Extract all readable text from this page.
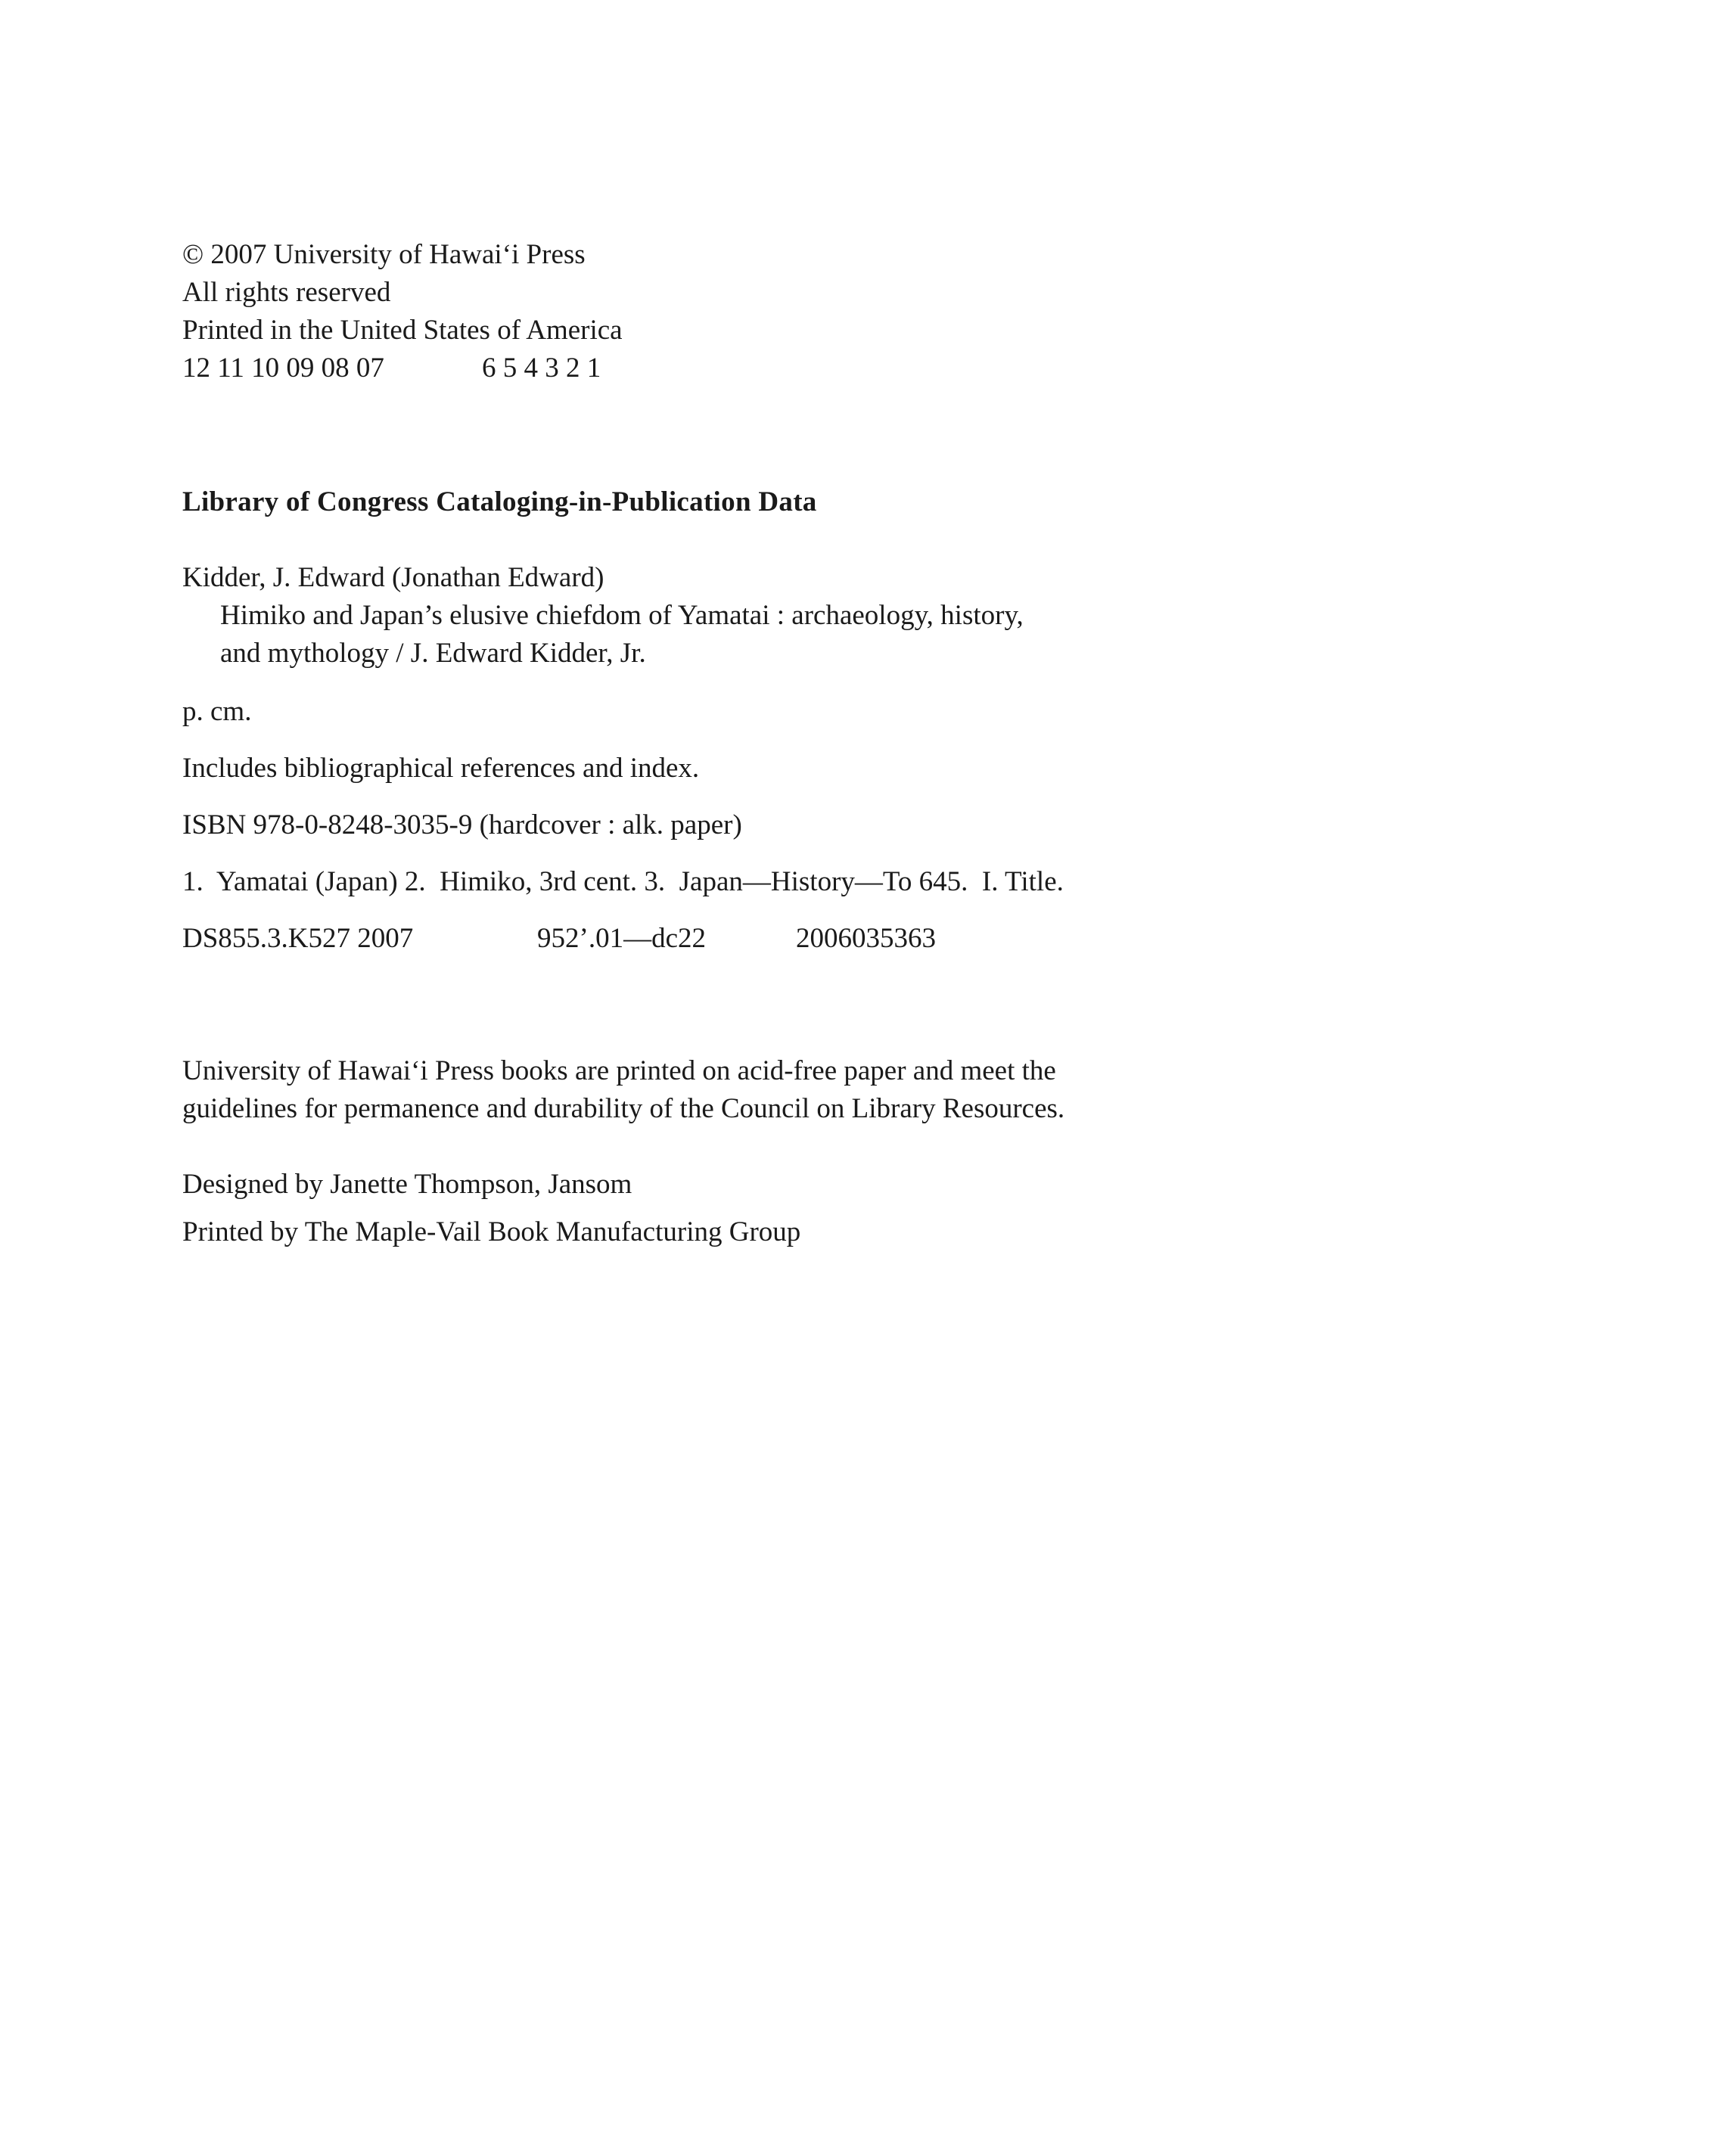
© 2007 University of Hawai‘i Press
All rights reserved
Printed in the United States of America
12 11 10 09 08 07	6 5 4 3 2 1
Library of Congress Cataloging-in-Publication Data
Kidder, J. Edward (Jonathan Edward)
Himiko and Japan’s elusive chiefdom of Yamatai : archaeology, history,
and mythology / J. Edward Kidder, Jr.
p. cm.
Includes bibliographical references and index.
ISBN 978-0-8248-3035-9 (hardcover : alk. paper)
1.  Yamatai (Japan) 2.  Himiko, 3rd cent. 3.  Japan—History—To 645.  I. Title.
DS855.3.K527 2007	952’.01—dc22	2006035363
University of Hawai‘i Press books are printed on acid-free paper and meet the
guidelines for permanence and durability of the Council on Library Resources.
Designed by Janette Thompson, Jansom
Printed by The Maple-Vail Book Manufacturing Group
